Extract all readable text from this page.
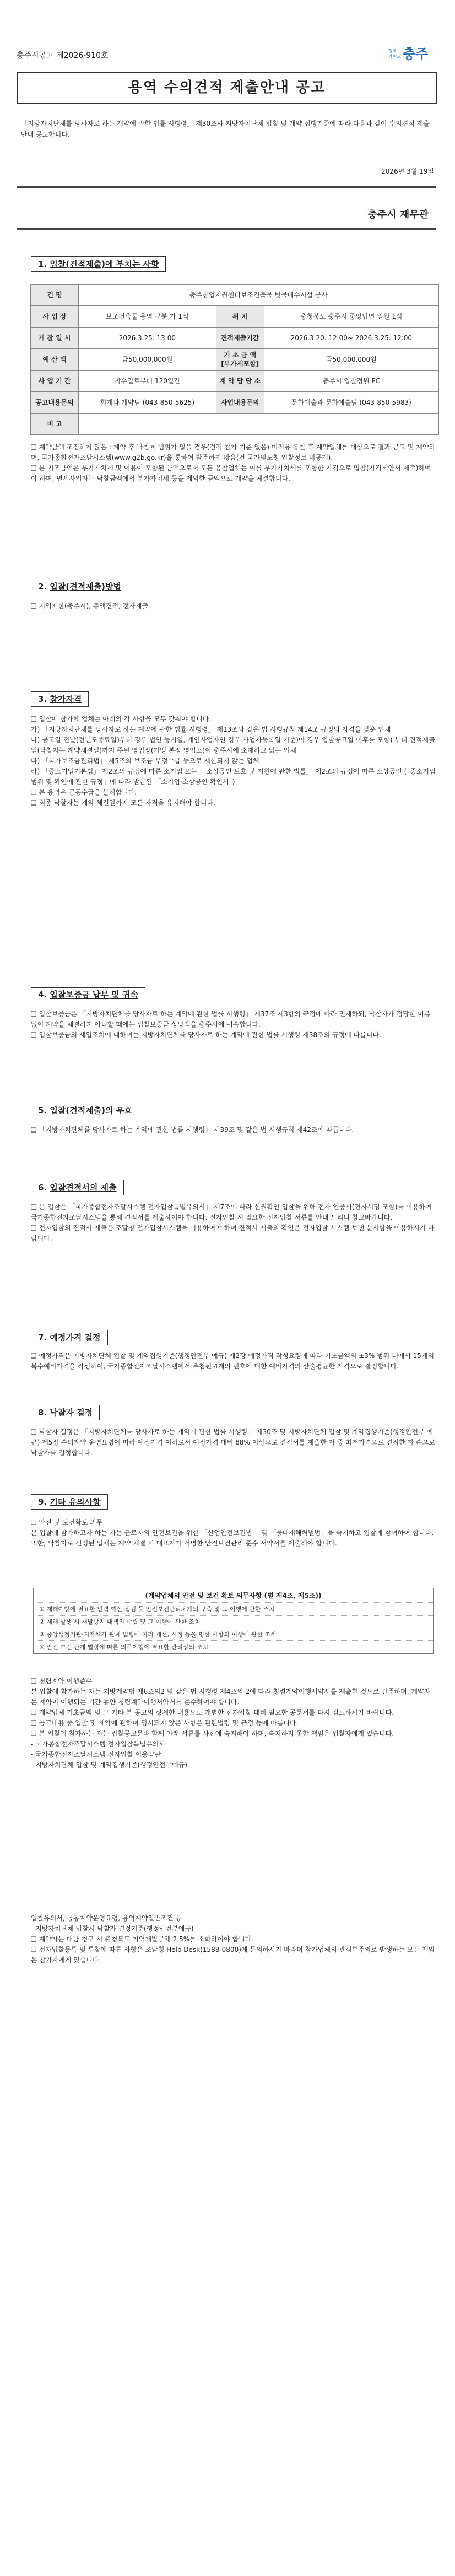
충주시공고 제2026-910호
행복
가이드 충주
용역 수의견적 제출안내 공고
「지방자치단체를 당사자로 하는 계약에 관한 법률 시행령」 제30조와 지방자치단체 입찰 및 계약 집행기준에 따라 다음과 같이 수의견적 제출 안내 공고합니다.
2026년 3월 19일
충주시 재무관
1. 입찰(견적제출)에 부치는 사항
건 명	충주창업지원센터보조건축물 빗물배수시설 공사		
사 업 장	보조건축물 용역 구분 가 1식	위 치	충청북도 충주시 중앙탑면 일원 1식
개 찰 일 시	2026.3.25. 13:00	견적제출기간	2026.3.20. 12:00~ 2026.3.25. 12:00
예 산 액	금50,000,000원	기 초 금 액 [부가세포함]	금50,000,000원
사 업 기 간	착수일로부터 120일간	계 약 담 당 소	충주시 입찰정원 PC
공고내용문의	회계과 계약팀 (043-850-5625)	사업내용문의	문화예술과 문화예술팀 (043-850-5983)
비 고			
❑ 계약금액 조정하지 않음 : 계약 후 낙찰률 범위가 없을 경우(견적 참가 기준 없음) 미적용 응찰 후 계약업체를 대상으로 결과 공고 및 계약하며, 국가종합전자조달시스템(www.g2b.go.kr)을 통하여 발주하지 않음(전 국가및도청 입찰정보 비공개).
❑ 본 기조금액은 부가가치세 및 이용이 포함된 금액으로서 모든 응찰업체는 이를 부가가치세를 포함한 가격으로 입찰(가격제안서 제출)하여야 하며, 면세사업자는 낙찰금액에서 부가가치세 등을 제외한 금액으로 계약을 체결합니다.
2. 입찰(견적제출)방법
❑ 지역제한(충주시), 총액견적, 전자계출
3. 참가자격
❑ 입찰에 참가할 업체는 아래의 각 사항을 모두 갖춰야 합니다.
가) 「지방자치단체를 당사자로 하는 계약에 관한 법률 시행령」 제13조와 같은 법 시행규칙 제14조 규정의 자격을 갖춘 업체
나) 공고일 전날(전년도종료일)부터 경우 법인 등기일, 개인사업자인 경우 사업자등록일 기준)이 경우 입찰공고일 이후를 포함) 부터 견적제출일(낙찰자는 계약체결일)까지 주된 영업장(가맹 본점 영업소)이 충주시에 소재하고 있는 업체
다) 「국가보조금관리법」 제5조의 보조금 부정수급 등으로 제한되지 않는 업체
라) 「중소기업기본법」 제2조의 규정에 따른 소기업 또는 「소상공인 보호 및 지원에 관한 법률」 제2조의 규정에 따른 소상공인 (「중소기업 범위 및 확인에 관한 규정」에 따라 발급된 「소기업·소상공인 확인서」)
❑ 본 용역은 공동수급을 불허합니다.
❑ 최종 낙찰자는 계약 체결일까지 모든 자격을 유지해야 합니다.
4. 입찰보증금 납부 및 귀속
❑ 입찰보증금은 「지방자치단체를 당사자로 하는 계약에 관한 법률 시행령」 제37조 제3항의 규정에 따라 면제하되, 낙찰자가 정당한 이유 없이 계약을 체결하지 아니할 때에는 입찰보증금 상당액을 충주시에 귀속합니다.
❑ 입찰보증금의 세입조치에 대하여는 지방자치단체를 당사자로 하는 계약에 관한 법률 시행령 제38조의 규정에 따릅니다.
5. 입찰(견적제출)의 무효
❑ 「지방자치단체를 당사자로 하는 계약에 관한 법률 시행령」 제39조 및 같은 법 시행규칙 제42조에 따릅니다.
6. 입찰견적서의 제출
❑ 본 입찰은 「국가종합전자조달시스템 전자입찰특별유의서」 제7조에 따라 신원확인 입찰을 위해 전자 인증서(전자서명 포함)를 이용하여 국가종합전자조달시스템을 통해 견적서를 제출하여야 합니다. 전자입찰 시 필요한 전자입찰 서류를 안내 드리니 참고바랍니다.
❑ 전자입찰의 견적서 제출은 조달청 전자입찰시스템을 이용하여야 하며 견적서 제출의 확인은 전자입찰 시스템 보낸 문서함을 이용하시기 바랍니다.
7. 예정가격 결정
❑ 예정가격은 지방자치단체 입찰 및 계약집행기준(행정안전부 예규) 제2장 예정가격 작성요령에 따라 기초금액의 ±3% 범위 내에서 15개의 복수예비가격을 작성하여, 국가종합전자조달시스템에서 추첨된 4개의 번호에 대한 예비가격의 산술평균한 가격으로 결정합니다.
8. 낙찰자 결정
❑ 낙찰자 결정은 「지방자치단체를 당사자로 하는 계약에 관한 법률 시행령」 제30조 및 지방자치단체 입찰 및 계약집행기준(행정안전부 예규) 제5장 수의계약 운영요령에 따라 예정가격 이하로서 예정가격 대비 88% 이상으로 견적서를 제출한 자 중 최저가격으로 견적한 자 순으로 낙찰자를 결정합니다.
9. 기타 유의사항
❑ 안전 및 보건확보 의무
본 입찰에 참가하고자 하는 자는 근로자의 안전보건을 위한 「산업안전보건법」 및 「중대재해처벌법」을 숙지하고 입찰에 참여하여 합니다. 또한, 낙찰자로 선정된 업체는 계약 체결 시 대표자가 서명한 안전보건관리 준수 서약서를 제출해야 합니다.
(계약업체의 안전 및 보건 확보 의무사항 (별 제4조, 제5조))
① 재해예방에 필요한 인력·예산·점검 등 안전보건관리체계의 구축 및 그 이행에 관한 조치
② 재해 발생 시 재발방지 대책의 수립 및 그 이행에 관한 조치
③ 중앙행정기관·지자체가 관계 법령에 따라 개선, 시정 등을 명한 사항의 이행에 관한 조치
④ 안전·보건 관계 법령에 따른 의무이행에 필요한 관리상의 조치
❑ 청렴계약 이행준수
본 입찰에 참가하는 자는 지방계약법 제6조의2 및 같은 법 시행령 제4조의 2에 따라 청렴계약이행서약서를 제출한 것으로 간주하며, 계약자는 계약이 이행되는 기간 동안 청렴계약이행서약서를 준수하여야 합니다.
❑ 계약업체 기초금액 및 그 기타 본 공고의 상세한 내용으로 개별한 전자입찰 대비 필요한 공문서를 다시 검토하시기 바랍니다.
❑ 공고내용 중 입찰 및 계약에 관하여 명시되지 않은 사항은 관련법령 및 규정 등에 따릅니다.
❑ 본 입찰에 참가하는 자는 입찰공고문과 함께 아래 서류를 사전에 숙지해야 하며, 숙지하지 못한 책임은 입찰자에게 있습니다.
- 국가종합전자조달시스템 전자입찰특별유의서
- 국가종합전자조달시스템 전자입찰 이용약관
- 지방자치단체 입찰 및 계약집행기준(행정안전부예규)
입찰유의서, 공동계약운영요령, 용역계약일반조건 등
- 지방자치단체 입찰시 낙찰자 결정기준(행정안전부예규)
❑ 계약자는 대금 청구 시 충청북도 지역개발공채 2.5%를 소화하여야 합니다.
❑ 전자입찰등록 및 투찰에 따른 사항은 조달청 Help Desk(1588-0800)에 문의하시기 바라며 참가업체의 관심부주의로 발생하는 모든 책임은 참가자에게 있습니다.
